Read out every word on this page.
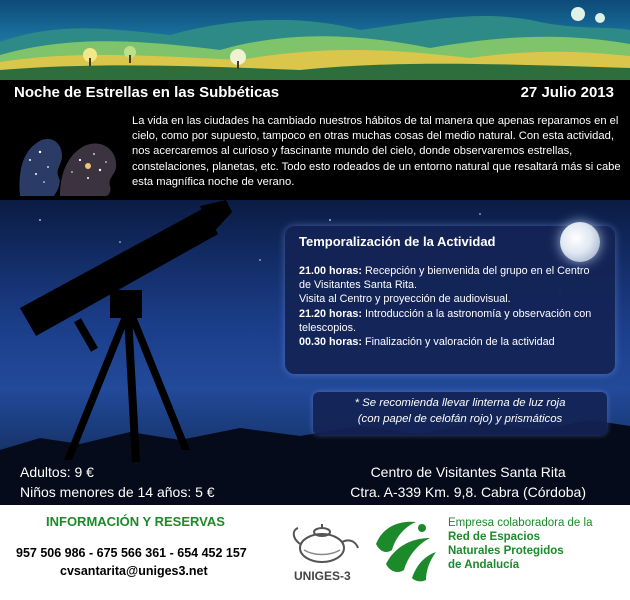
Noche de Estrellas en las Subbéticas	27 Julio 2013
La vida en las ciudades ha cambiado nuestros hábitos de tal manera que apenas reparamos en el cielo, como por supuesto, tampoco en otras muchas cosas del medio natural. Con esta actividad, nos acercaremos al curioso y fascinante mundo del cielo, donde observaremos estrellas, constelaciones, planetas, etc. Todo esto rodeados de un entorno natural que resaltará más si cabe esta magnífica noche de verano.
Temporalización de la Actividad
21.00 horas: Recepción y bienvenida del grupo en el Centro de Visitantes Santa Rita.
Visita al Centro y proyección de audiovisual.
21.20 horas: Introducción a la astronomía y observación con telescopios.
00.30 horas: Finalización y valoración de la actividad
* Se recomienda llevar linterna de luz roja
(con papel de celofán rojo) y prismáticos
Adultos: 9 €
Niños menores de 14 años: 5 €
Centro de Visitantes Santa Rita
Ctra. A-339 Km. 9,8. Cabra (Córdoba)
INFORMACIÓN Y RESERVAS
957 506 986 - 675 566 361 - 654 452 157
cvsantarita@uniges3.net	UNIGES-3
Empresa colaboradora de la
Red de Espacios
Naturales Protegidos
de Andalucía
